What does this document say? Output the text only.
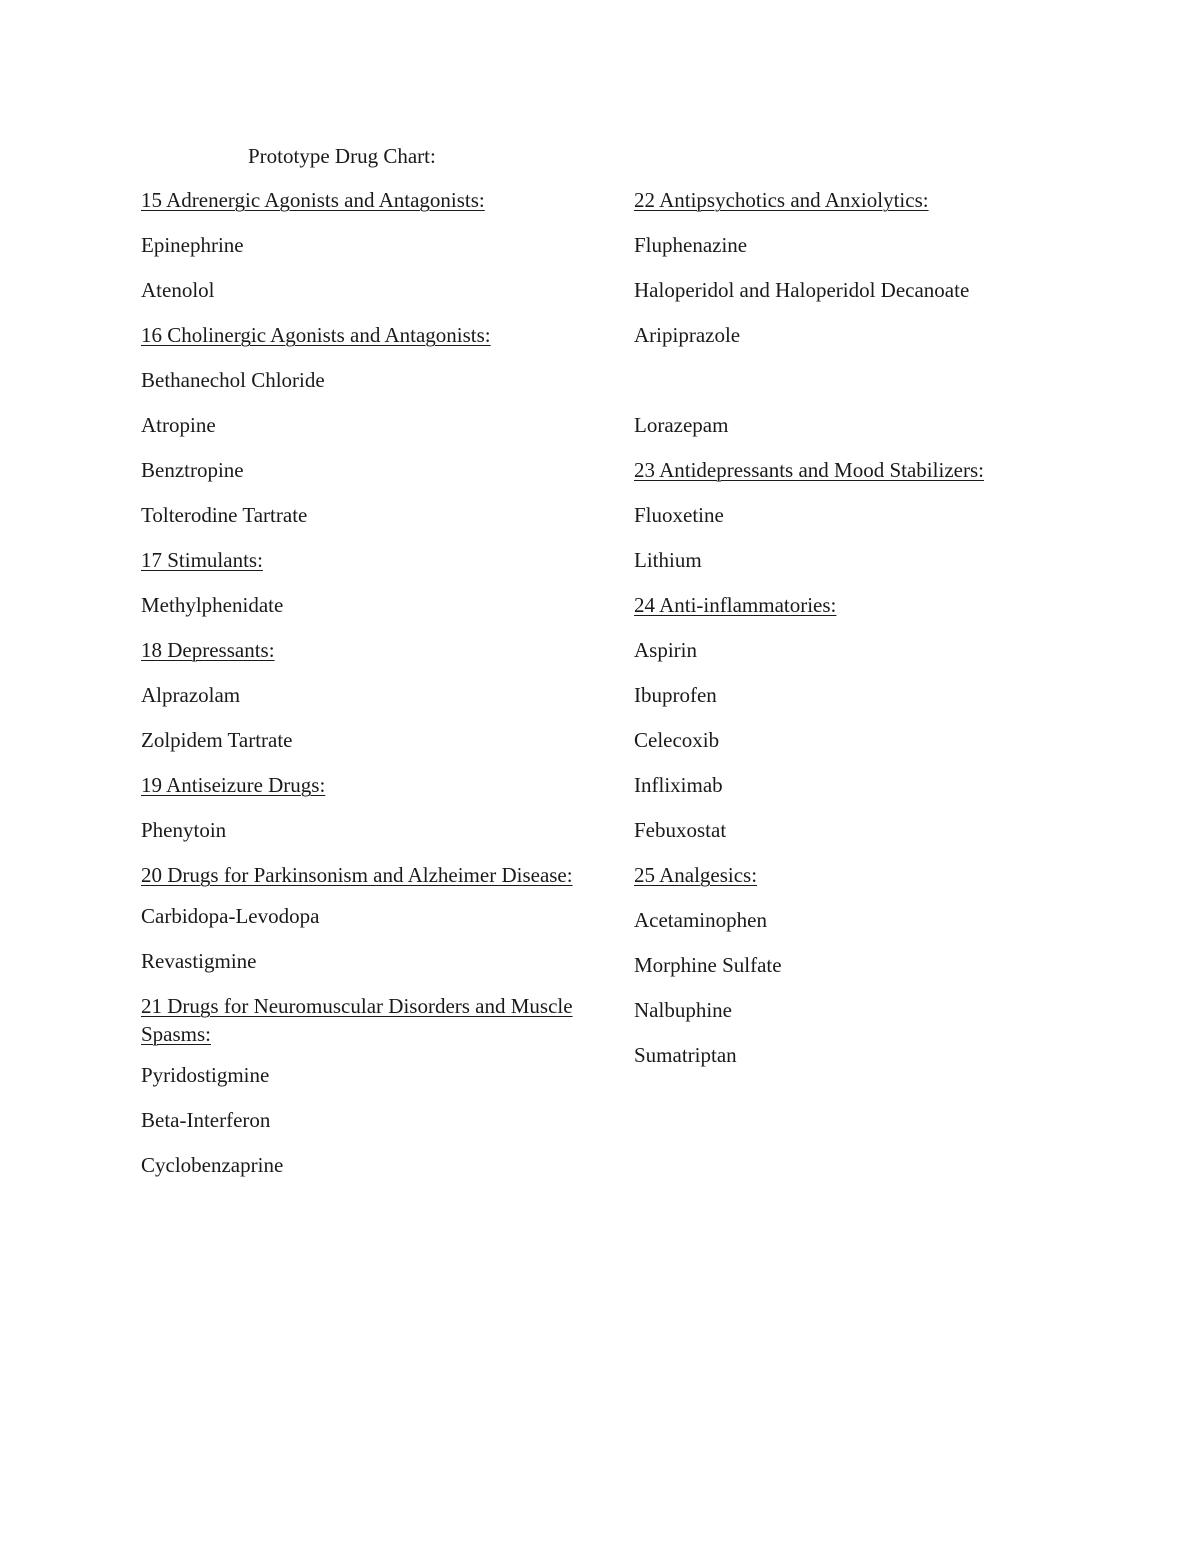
Prototype Drug Chart:
15 Adrenergic Agonists and Antagonists:
Epinephrine
Atenolol
16 Cholinergic Agonists and Antagonists:
Bethanechol Chloride
Atropine
Benztropine
Tolterodine Tartrate
17 Stimulants:
Methylphenidate
18 Depressants:
Alprazolam
Zolpidem Tartrate
19 Antiseizure Drugs:
Phenytoin
20 Drugs for Parkinsonism and Alzheimer Disease:
Carbidopa-Levodopa
Revastigmine
21 Drugs for Neuromuscular Disorders and Muscle Spasms:
Pyridostigmine
Beta-Interferon
Cyclobenzaprine
22 Antipsychotics and Anxiolytics:
Fluphenazine
Haloperidol and Haloperidol Decanoate
Aripiprazole
Lorazepam
23 Antidepressants and Mood Stabilizers:
Fluoxetine
Lithium
24 Anti-inflammatories:
Aspirin
Ibuprofen
Celecoxib
Infliximab
Febuxostat
25 Analgesics:
Acetaminophen
Morphine Sulfate
Nalbuphine
Sumatriptan
